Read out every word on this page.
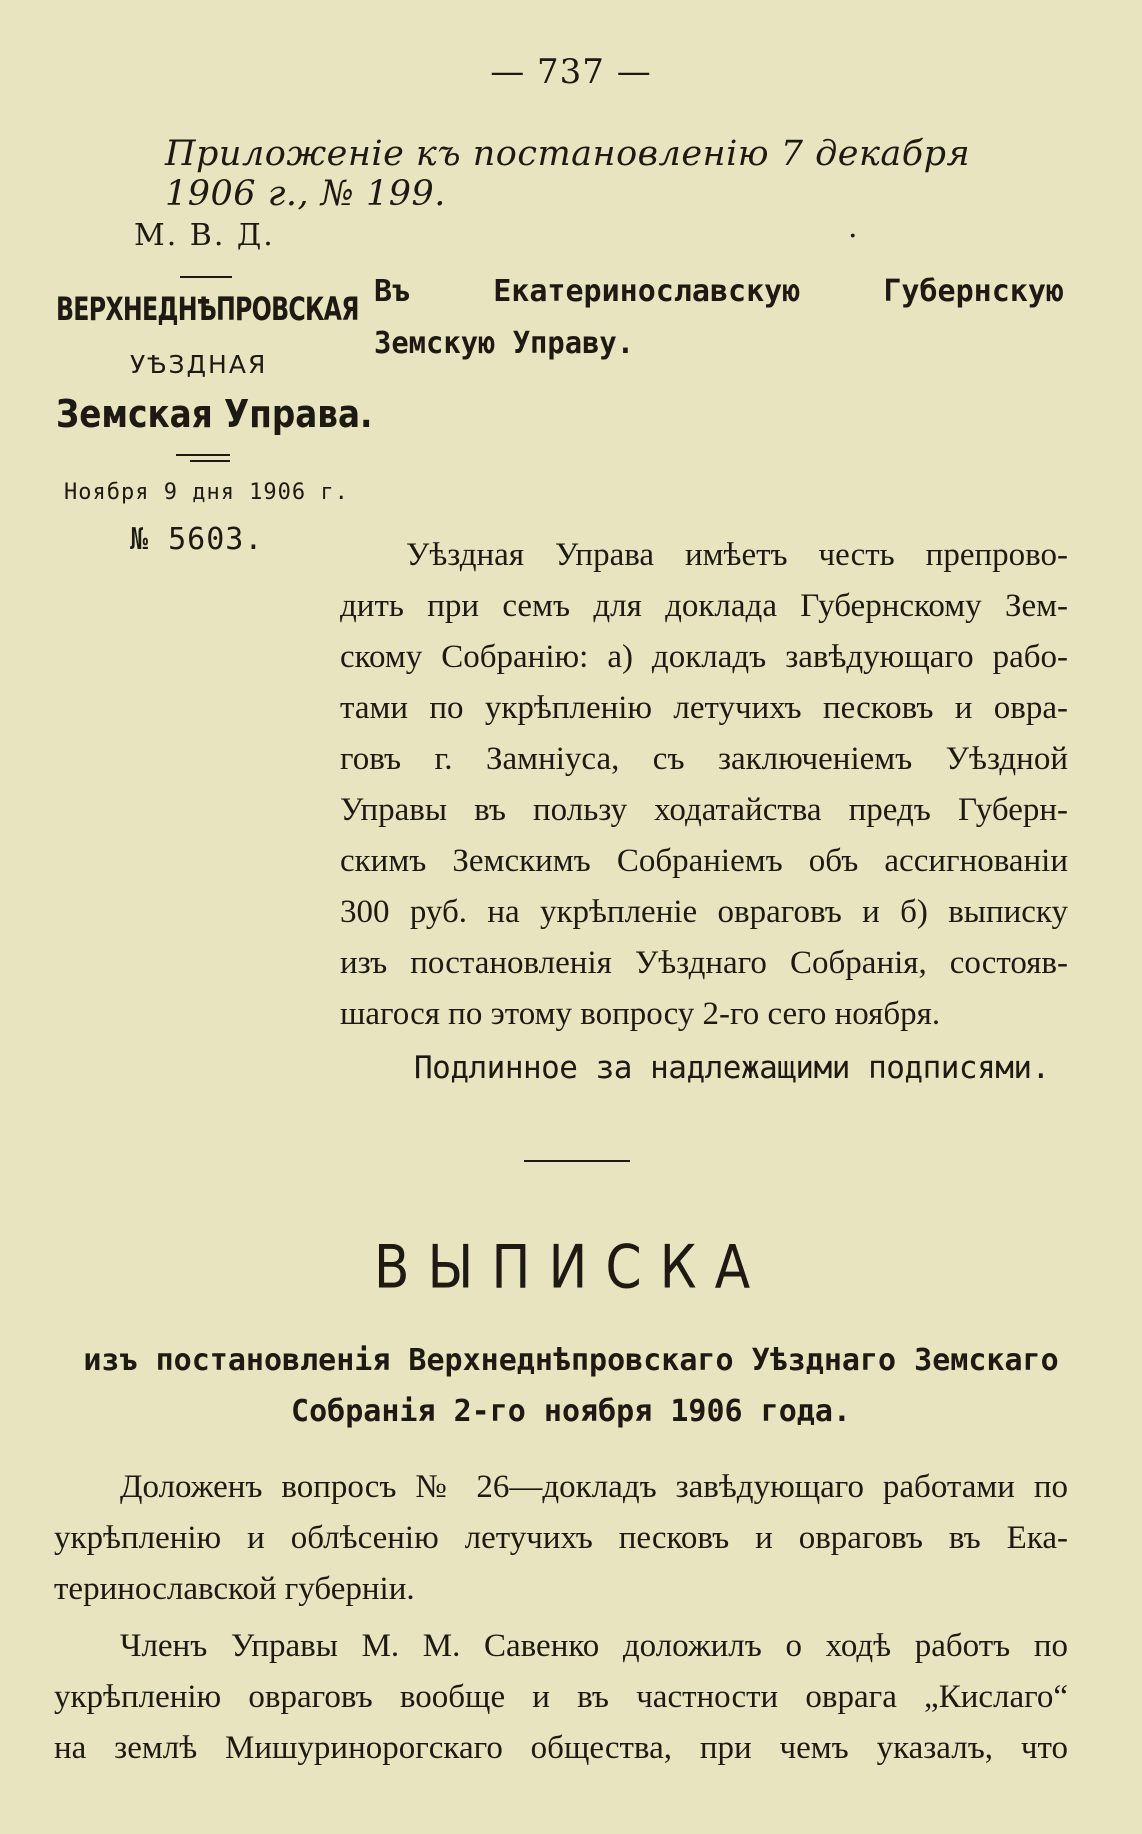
— 737 —
Приложеніе къ постановленію 7 декабря 1906 г., № 199.
М. В. Д.	.
ВЕРХНЕДНѢПРОВСКАЯ
УѢЗДНАЯ
Земская Управа.
Ноября 9 дня 1906 г.
№ 5603.
Въ Екатеринославскую Губернскую
Земскую Управу.
Уѣздная Управа имѣетъ честь препрово-
дить при семъ для доклада Губернскому Зем-
скому Собранію: а) докладъ завѣдующаго рабо-
тами по укрѣпленію летучихъ песковъ и овра-
говъ г. Замніуса, съ заключеніемъ Уѣздной
Управы въ пользу ходатайства предъ Губерн-
скимъ Земскимъ Собраніемъ объ ассигнованіи
300 руб. на укрѣпленіе овраговъ и б) выписку
изъ постановленія Уѣзднаго Собранія, состояв-
шагося по этому вопросу 2-го сего ноября.
Подлинное за надлежащими подписями.
ВЫПИСКА
изъ постановленія Верхнеднѣпровскаго Уѣзднаго Земскаго
Собранія 2-го ноября 1906 года.
Доложенъ вопросъ № 26—докладъ завѣдующаго работами по
укрѣпленію и облѣсенію летучихъ песковъ и овраговъ въ Ека-
теринославской губерніи.
Членъ Управы М. М. Савенко доложилъ о ходѣ работъ по
укрѣпленію овраговъ вообще и въ частности оврага „Кислаго“
на землѣ Мишуриноpогскаго общества, при чемъ указалъ, что
